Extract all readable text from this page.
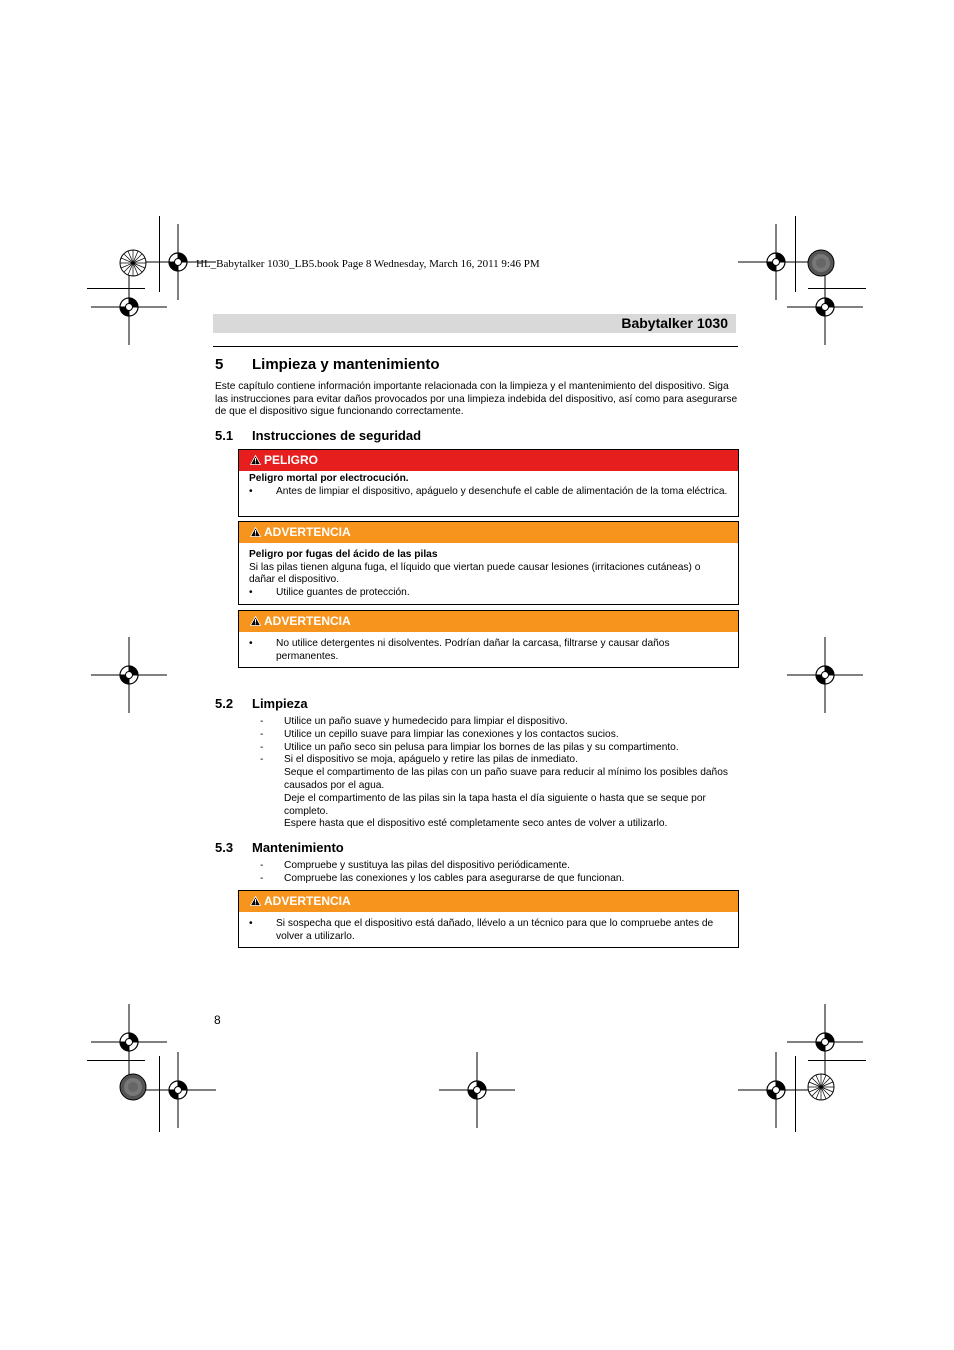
HL_Babytalker 1030_LB5.book Page 8 Wednesday, March 16, 2011 9:46 PM
Babytalker 1030
5 Limpieza y mantenimiento
Este capítulo contiene información importante relacionada con la limpieza y el mantenimiento del dispositivo. Siga las instrucciones para evitar daños provocados por una limpieza indebida del dispositivo, así como para asegurarse de que el dispositivo sigue funcionando correctamente.
5.1 Instrucciones de seguridad
PELIGRO
Peligro mortal por electrocución.
• Antes de limpiar el dispositivo, apáguelo y desenchufe el cable de alimentación de la toma eléctrica.
ADVERTENCIA
Peligro por fugas del ácido de las pilas
Si las pilas tienen alguna fuga, el líquido que viertan puede causar lesiones (irritaciones cutáneas) o dañar el dispositivo.
• Utilice guantes de protección.
ADVERTENCIA
• No utilice detergentes ni disolventes. Podrían dañar la carcasa, filtrarse y causar daños permanentes.
5.2 Limpieza
- Utilice un paño suave y humedecido para limpiar el dispositivo.
- Utilice un cepillo suave para limpiar las conexiones y los contactos sucios.
- Utilice un paño seco sin pelusa para limpiar los bornes de las pilas y su compartimento.
- Si el dispositivo se moja, apáguelo y retire las pilas de inmediato.
Seque el compartimento de las pilas con un paño suave para reducir al mínimo los posibles daños causados por el agua.
Deje el compartimento de las pilas sin la tapa hasta el día siguiente o hasta que se seque por completo.
Espere hasta que el dispositivo esté completamente seco antes de volver a utilizarlo.
5.3 Mantenimiento
- Compruebe y sustituya las pilas del dispositivo periódicamente.
- Compruebe las conexiones y los cables para asegurarse de que funcionan.
ADVERTENCIA
• Si sospecha que el dispositivo está dañado, llévelo a un técnico para que lo compruebe antes de volver a utilizarlo.
8
